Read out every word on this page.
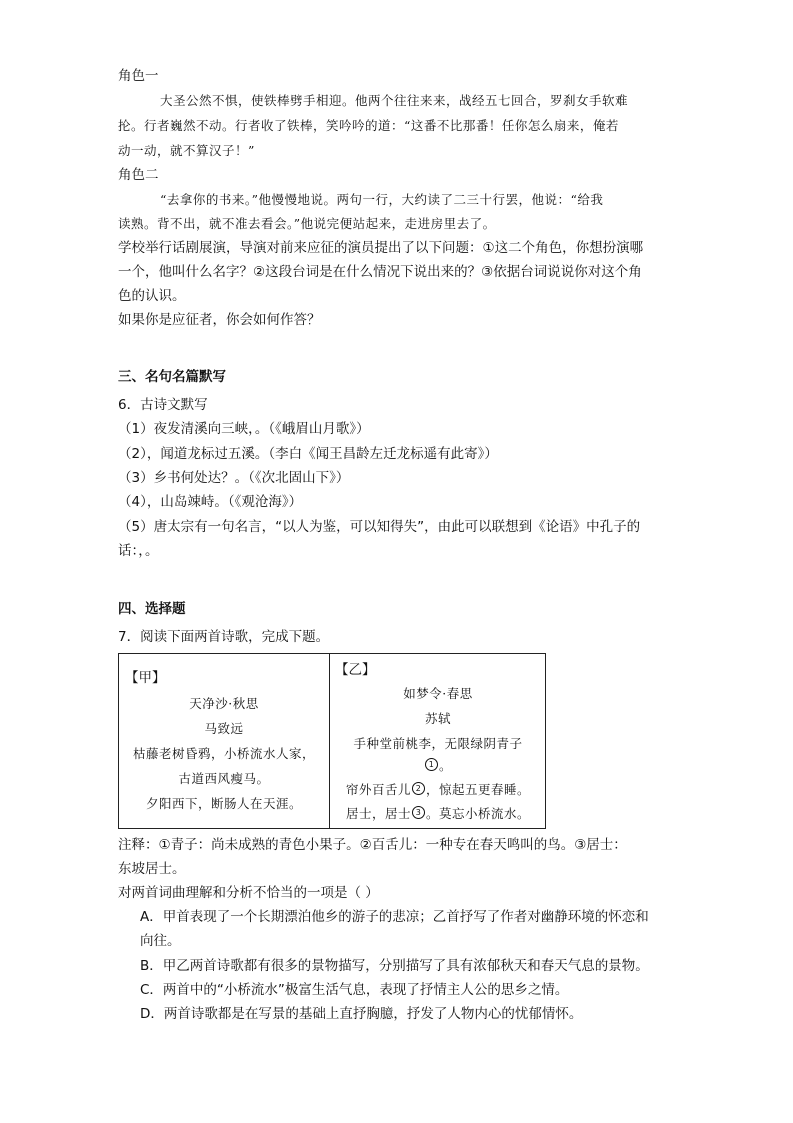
角色一
大圣公然不惧，使铁棒劈手相迎。他两个往往来来，战经五七回合，罗刹女手软难
抡。行者巍然不动。行者收了铁棒，笑吟吟的道：“这番不比那番！任你怎么扇来，俺若
动一动，就不算汉子！”
角色二
“去拿你的书来。”他慢慢地说。两句一行，大约读了二三十行罢，他说：“给我
读熟。背不出，就不准去看会。”他说完便站起来，走进房里去了。
学校举行话剧展演，导演对前来应征的演员提出了以下问题：①这二个角色，你想扮演哪
一个，他叫什么名字？②这段台词是在什么情况下说出来的？③依据台词说说你对这个角
色的认识。
如果你是应征者，你会如何作答？
三、名句名篇默写
6．古诗文默写
（1）夜发清溪向三峡，。（《峨眉山月歌》）
（2），闻道龙标过五溪。（李白《闻王昌龄左迁龙标遥有此寄》）
（3）乡书何处达？。（《次北固山下》）
（4），山岛竦峙。（《观沧海》）
（5）唐太宗有一句名言，“以人为鉴，可以知得失”，由此可以联想到《论语》中孔子的
话：，。
四、选择题
7．阅读下面两首诗歌，完成下题。
【甲】
天净沙·秋思
马致远
枯藤老树昏鸦，小桥流水人家，
古道西风瘦马。
夕阳西下，断肠人在天涯。
【乙】
如梦令·春思
苏轼
手种堂前桃李，无限绿阴青子
1 。
帘外百舌儿 2 ，惊起五更春睡。
居士，居士 3 。莫忘小桥流水。
注释：①青子：尚未成熟的青色小果子。②百舌儿：一种专在春天鸣叫的鸟。③居士：
东坡居士。
对两首词曲理解和分析不恰当的一项是（ ）
A．甲首表现了一个长期漂泊他乡的游子的悲凉；乙首抒写了作者对幽静环境的怀恋和
向往。
B．甲乙两首诗歌都有很多的景物描写，分别描写了具有浓郁秋天和春天气息的景物。
C．两首中的“小桥流水”极富生活气息，表现了抒情主人公的思乡之情。
D．两首诗歌都是在写景的基础上直抒胸臆，抒发了人物内心的忧郁情怀。
